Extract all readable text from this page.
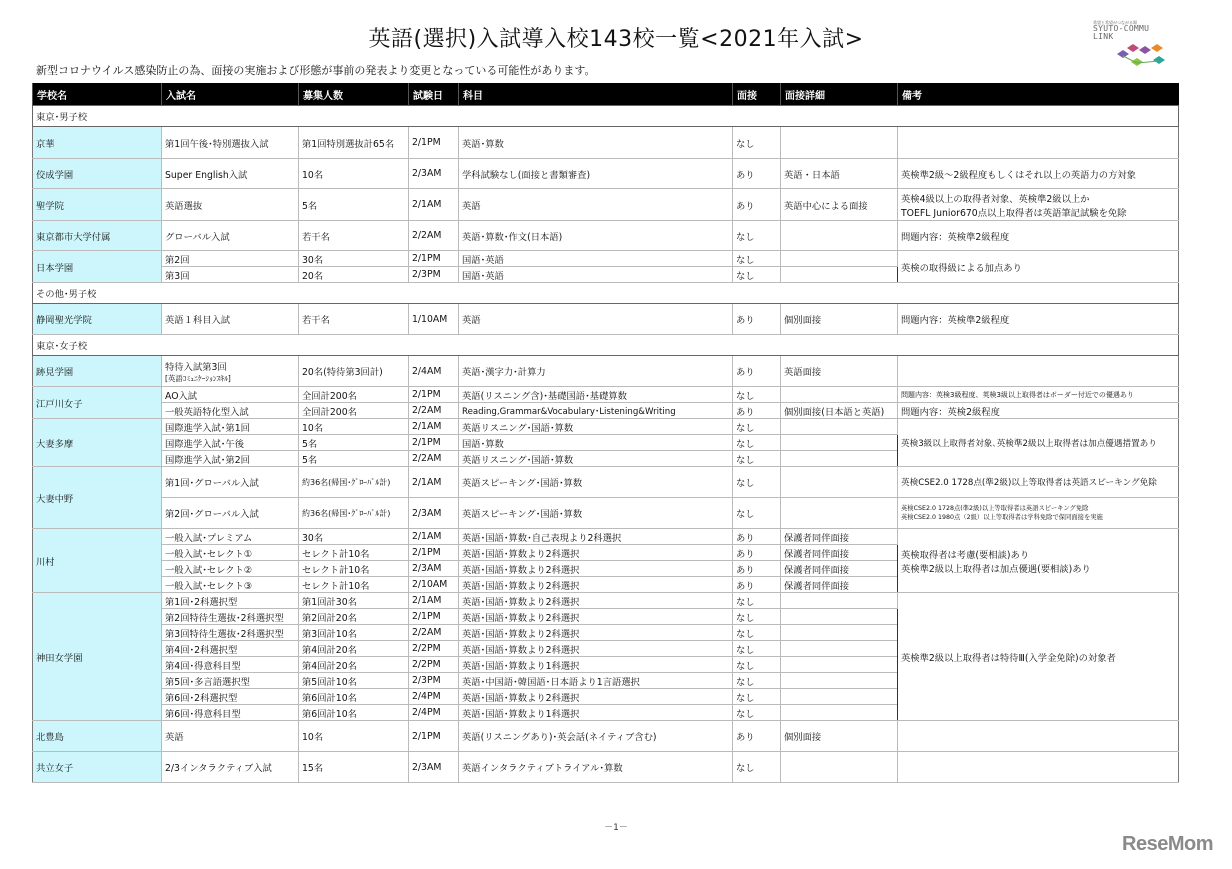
英語(選択)入試導入校143校一覧<2021年入試>
希望と希望がつながる場
SYUTO-COMMU
LINK
新型コロナウイルス感染防止の為、面接の実施および形態が事前の発表より変更となっている可能性があります。
学校名	入試名	募集人数	試験日	科目	面接	面接詳細	備考
東京･男子校							
京華	第1回午後･特別選抜入試	第1回特別選抜計65名	2/1PM	英語･算数	なし		
佼成学園	Super English入試	10名	2/3AM	学科試験なし(面接と書類審査)	あり	英語・日本語	英検準2級～2級程度もしくはそれ以上の英語力の方対象
聖学院	英語選抜	5名	2/1AM	英語	あり	英語中心による面接	英検4級以上の取得者対象、英検準2級以上か
TOEFL Junior670点以上取得者は英語筆記試験を免除

東京都市大学付属	グローバル入試	若干名	2/2AM	英語･算数･作文(日本語)	なし		問題内容：英検準2級程度
日本学園	第2回	30名	2/1PM	国語･英語	なし		英検の取得級による加点あり
	第3回	20名	2/3PM	国語･英語	なし		
その他･男子校							
静岡聖光学院	英語１科目入試	若干名	1/10AM	英語	あり	個別面接	問題内容：英検準2級程度
東京･女子校							
跡見学園	特待入試第3回
[英語ｺﾐｭﾆｹｰｼｮﾝｽｷﾙ]	20名(特待第3回計)	2/4AM	英語･漢字力･計算力	あり	英語面接	
江戸川女子	AO入試	全回計200名	2/1PM	英語(リスニング含)･基礎国語･基礎算数	なし		問題内容：英検3級程度、英検3級以上取得者はボーダー付近での優遇あり
	一般英語特化型入試	全回計200名	2/2AM	Reading,Grammar&Vocabulary･Listening&Writing	あり	個別面接(日本語と英語)	問題内容：英検2級程度
大妻多摩	国際進学入試･第1回	10名	2/1AM	英語リスニング･国語･算数	なし		英検3級以上取得者対象､英検準2級以上取得者は加点優遇措置あり
	国際進学入試･午後	5名	2/1PM	国語･算数	なし		
	国際進学入試･第2回	5名	2/2AM	英語リスニング･国語･算数	なし		
大妻中野	第1回･グローバル入試	約36名(帰国･ｸﾞﾛｰﾊﾞﾙ計)	2/1AM	英語スピーキング･国語･算数	なし		英検CSE2.0 1728点(準2級)以上等取得者は英語スピーキング免除
	第2回･グローバル入試	約36名(帰国･ｸﾞﾛｰﾊﾞﾙ計)	2/3AM	英語スピーキング･国語･算数	なし		英検CSE2.0 1728点(準2級)以上等取得者は英語スピーキング免除
英検CSE2.0 1980点（2級）以上等取得者は学科免除で保同面接を実施

川村	一般入試･プレミアム	30名	2/1AM	英語･国語･算数･自己表現より2科選択	あり	保護者同伴面接	英検取得者は考慮(要相談)あり
英検準2級以上取得者は加点優遇(要相談)あり

	一般入試･セレクト①	セレクト計10名	2/1PM	英語･国語･算数より2科選択	あり	保護者同伴面接	
	一般入試･セレクト②	セレクト計10名	2/3AM	英語･国語･算数より2科選択	あり	保護者同伴面接	
	一般入試･セレクト③	セレクト計10名	2/10AM	英語･国語･算数より2科選択	あり	保護者同伴面接	
神田女学園	第1回･2科選択型	第1回計30名	2/1AM	英語･国語･算数より2科選択	なし		英検準2級以上取得者は特待Ⅲ(入学金免除)の対象者
	第2回特待生選抜･2科選択型	第2回計20名	2/1PM	英語･国語･算数より2科選択	なし		
	第3回特待生選抜･2科選択型	第3回計10名	2/2AM	英語･国語･算数より2科選択	なし		
	第4回･2科選択型	第4回計20名	2/2PM	英語･国語･算数より2科選択	なし		
	第4回･得意科目型	第4回計20名	2/2PM	英語･国語･算数より1科選択	なし		
	第5回･多言語選択型	第5回計10名	2/3PM	英語･中国語･韓国語･日本語より1言語選択	なし		
	第6回･2科選択型	第6回計10名	2/4PM	英語･国語･算数より2科選択	なし		
	第6回･得意科目型	第6回計10名	2/4PM	英語･国語･算数より1科選択	なし		
北豊島	英語	10名	2/1PM	英語(リスニングあり)･英会話(ネイティブ含む)	あり	個別面接	
共立女子	2/3インタラクティブ入試	15名	2/3AM	英語インタラクティブトライアル･算数	なし		
－1－
ReseMom
